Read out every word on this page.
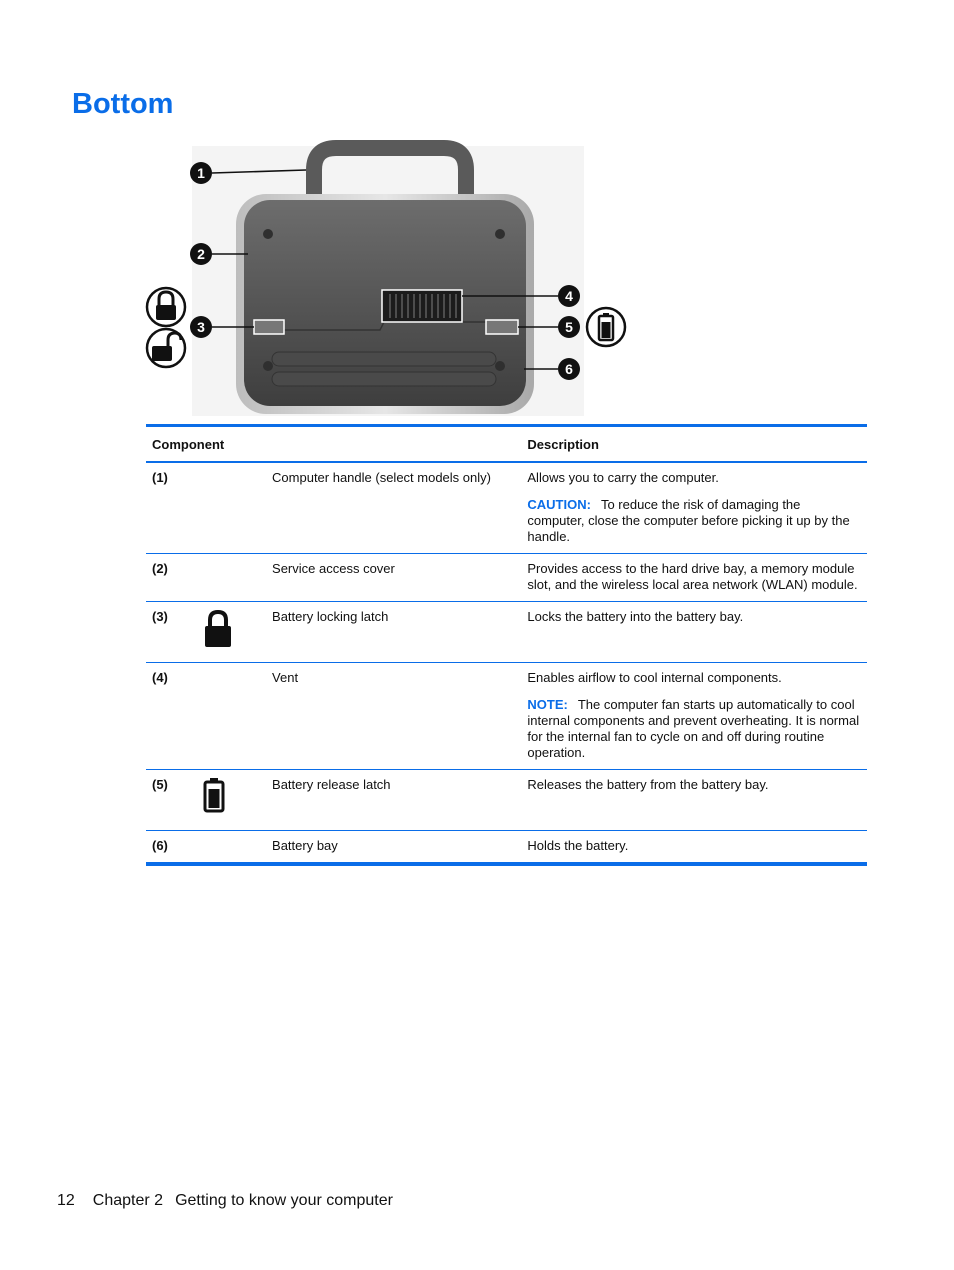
Bottom
1
2
3
4
5
6
Component			Description
(1)		Computer handle (select models only)	Allows you to carry the computer.

CAUTION: To reduce the risk of damaging the computer, close the computer before picking it up by the handle.

(2)		Service access cover	Provides access to the hard drive bay, a memory module slot, and the wireless local area network (WLAN) module.

(3)		Battery locking latch	Locks the battery into the battery bay.

(4)		Vent	Enables airflow to cool internal components.

NOTE: The computer fan starts up automatically to cool internal components and prevent overheating. It is normal for the internal fan to cycle on and off during routine operation.

(5)		Battery release latch	Releases the battery from the battery bay.

(6)		Battery bay	Holds the battery.

12 Chapter 2 Getting to know your computer
